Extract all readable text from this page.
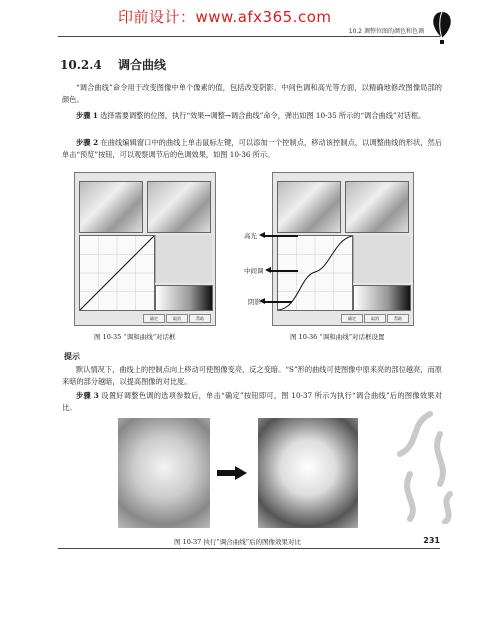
印前设计：www.afx365.com
10.2 调整位图的颜色和色调
10.2.4 调合曲线
“调合曲线”命令用于改变图像中单个像素的值，包括改变阴影、中间色调和高光等方面，以精确地修改图像局部的颜色。
步骤 1 选择需要调整的位图，执行“效果→调整→调合曲线”命令，弹出如图 10-35 所示的“调合曲线”对话框。
步骤 2 在曲线编辑窗口中的曲线上单击鼠标左键，可以添加一个控制点，移动该控制点，以调整曲线的形状，然后单击“预览”按钮，可以观察调节后的色调效果，如图 10-36 所示。
确定	取消	帮助
图 10-35 “调和曲线”对话框
确定	取消	帮助
图 10-36 “调和曲线”对话框设置
高光
中间调
阴影
提示
默认情况下，曲线上的控制点向上移动可使图像变亮，反之变暗。“S”形的曲线可使图像中原来亮的部位越亮，而原来暗的部分越暗，以提高图像的对比度。
步骤 3 设置好调整色调的选项参数后，单击“确定”按钮即可，图 10-37 所示为执行“调合曲线”后的图像效果对比。
图 10-37 执行“调合曲线”后的图像效果对比	231
